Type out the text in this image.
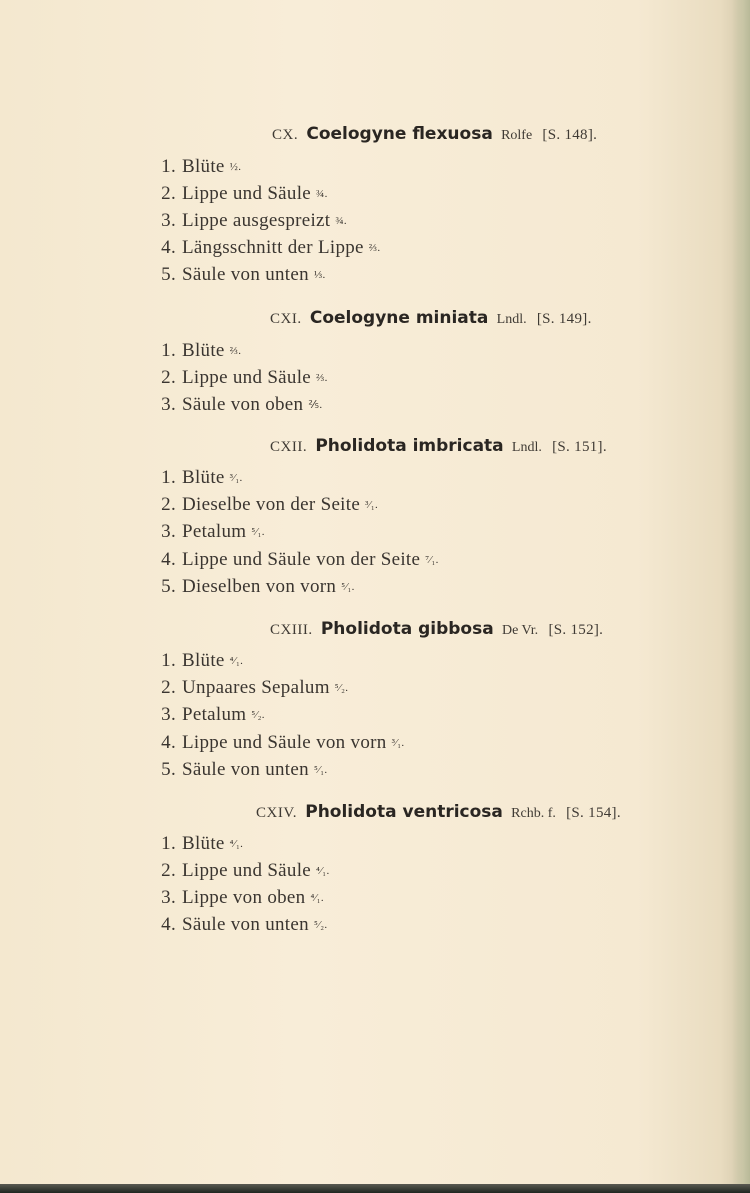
CX. Coelogyne flexuosa Rolfe [S. 148].
1. Blüte ½.
2. Lippe und Säule ¾.
3. Lippe ausgespreizt ¾.
4. Längsschnitt der Lippe ⅔.
5. Säule von unten ⅓.
CXI. Coelogyne miniata Lndl. [S. 149].
1. Blüte ⅔.
2. Lippe und Säule ⅔.
3. Säule von oben ⅖.
CXII. Pholidota imbricata Lndl. [S. 151].
1. Blüte ³⁄₁.
2. Dieselbe von der Seite ³⁄₁.
3. Petalum ⁵⁄₁.
4. Lippe und Säule von der Seite ⁷⁄₁.
5. Dieselben von vorn ⁵⁄₁.
CXIII. Pholidota gibbosa De Vr. [S. 152].
1. Blüte ⁴⁄₁.
2. Unpaares Sepalum ⁵⁄₂.
3. Petalum ⁵⁄₂.
4. Lippe und Säule von vorn ³⁄₁.
5. Säule von unten ⁵⁄₁.
CXIV. Pholidota ventricosa Rchb. f. [S. 154].
1. Blüte ⁴⁄₁.
2. Lippe und Säule ⁴⁄₁.
3. Lippe von oben ⁴⁄₁.
4. Säule von unten ⁵⁄₂.
